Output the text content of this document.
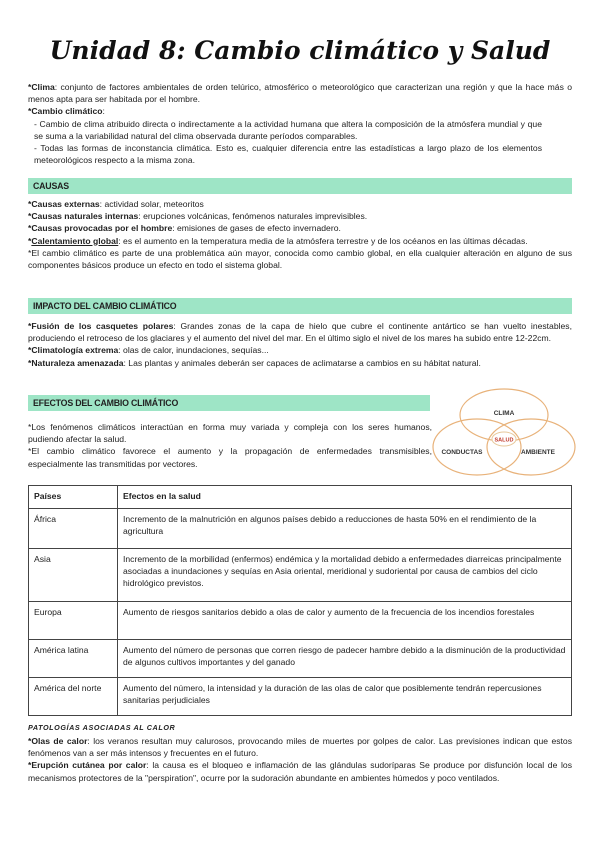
Unidad 8: Cambio climático y Salud

*Clima: conjunto de factores ambientales de orden telúrico, atmosférico o meteorológico que caracterizan una región y que la hace más o menos apta para ser habitada por el hombre.

*Cambio climático:

- Cambio de clima atribuido directa o indirectamente a la actividad humana que altera la composición de la atmósfera mundial y que se suma a la variabilidad natural del clima observada durante períodos comparables.

- Todas las formas de inconstancia climática. Esto es, cualquier diferencia entre las estadísticas a largo plazo de los elementos meteorológicos respecto a la misma zona.

CAUSAS

*Causas externas: actividad solar, meteoritos

*Causas naturales internas: erupciones volcánicas, fenómenos naturales imprevisibles.

*Causas provocadas por el hombre: emisiones de gases de efecto invernadero.

*Calentamiento global: es el aumento en la temperatura media de la atmósfera terrestre y de los océanos en las últimas décadas.

*El cambio climático es parte de una problemática aún mayor, conocida como cambio global, en ella cualquier alteración en alguno de sus componentes básicos produce un efecto en todo el sistema global.

IMPACTO DEL CAMBIO CLIMÁTICO

*Fusión de los casquetes polares: Grandes zonas de la capa de hielo que cubre el continente antártico se han vuelto inestables, produciendo el retroceso de los glaciares y el aumento del nivel del mar. En el último siglo el nivel de los mares ha subido entre 12-22cm.

*Climatología extrema: olas de calor, inundaciones, sequías...

*Naturaleza amenazada: Las plantas y animales deberán ser capaces de aclimatarse a cambios en su hábitat natural.

EFECTOS DEL CAMBIO CLIMÁTICO

*Los fenómenos climáticos interactúan en forma muy variada y compleja con los seres humanos, pudiendo afectar la salud.

*El cambio climático favorece el aumento y la propagación de enfermedades transmisibles, especialmente las transmitidas por vectores.

Países	Efectos en la salud
África	Incremento de la malnutrición en algunos países debido a reducciones de hasta 50% en el rendimiento de la agricultura
Asia	Incremento de la morbilidad (enfermos) endémica y la mortalidad debido a enfermedades diarreicas principalmente asociadas a inundaciones y sequías en Asia oriental, meridional y sudoriental por causa de cambios del ciclo hidrológico previstos.
Europa	Aumento de riesgos sanitarios debido a olas de calor y aumento de la frecuencia de los incendios forestales
América latina	Aumento del número de personas que corren riesgo de padecer hambre debido a la disminución de la productividad de algunos cultivos importantes y del ganado
América del norte	Aumento del número, la intensidad y la duración de las olas de calor que posiblemente tendrán repercusiones sanitarias perjudiciales
PATOLOGÍAS ASOCIADAS AL CALOR

*Olas de calor: los veranos resultan muy calurosos, provocando miles de muertes por golpes de calor. Las previsiones indican que estos fenómenos van a ser más intensos y frecuentes en el futuro.

*Erupción cutánea por calor: la causa es el bloqueo e inflamación de las glándulas sudoríparas Se produce por disfunción local de los mecanismos protectores de la "perspiration", ocurre por la sudoración abundante en ambientes húmedos y poco ventilados.

CLIMA
SALUD
CONDUCTAS	AMBIENTE
